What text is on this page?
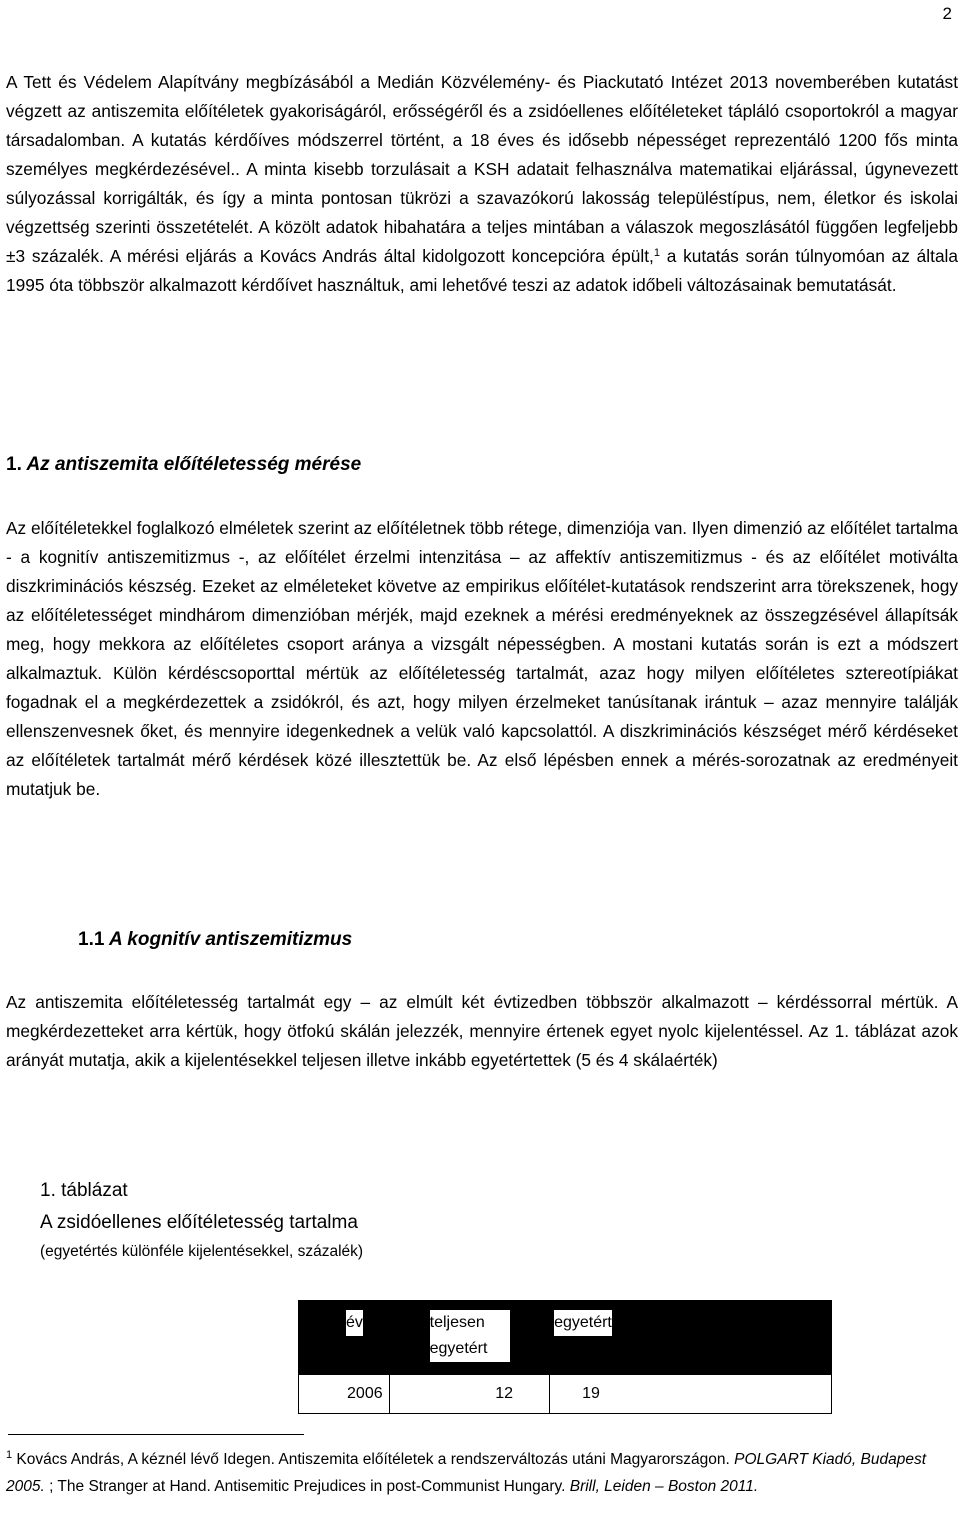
2

A Tett és Védelem Alapítvány megbízásából a Medián Közvélemény- és Piackutató Intézet 2013 novemberében kutatást végzett az antiszemita előítéletek gyakoriságáról, erősségéről és a zsidóellenes előítéleteket tápláló csoportokról a magyar társadalomban. A kutatás kérdőíves módszerrel történt, a 18 éves és idősebb népességet reprezentáló 1200 fős minta személyes megkérdezésével.. A minta kisebb torzulásait a KSH adatait felhasználva matematikai eljárással, úgynevezett súlyozással korrigálták, és így a minta pontosan tükrözi a szavazókorú lakosság településtípus, nem, életkor és iskolai végzettség szerinti összetételét. A közölt adatok hibahatára a teljes mintában a válaszok megoszlásától függően legfeljebb ±3 százalék. A mérési eljárás a Kovács András által kidolgozott koncepcióra épült,$^1$ a kutatás során túlnyomóan az általa 1995 óta többször alkalmazott kérdőívet használtuk, ami lehetővé teszi az adatok időbeli változásainak bemutatását.

1. Az antiszemita előítéletesség mérése

Az előítéletekkel foglalkozó elméletek szerint az előítéletnek több rétege, dimenziója van. Ilyen dimenzió az előítélet tartalma - a kognitív antiszemitizmus -, az előítélet érzelmi intenzitása – az affektív antiszemitizmus - és az előítélet motiválta diszkriminációs készség. Ezeket az elméleteket követve az empirikus előítélet-kutatások rendszerint arra törekszenek, hogy az előítéletességet mindhárom dimenzióban mérjék, majd ezeknek a mérési eredményeknek az összegzésével állapítsák meg, hogy mekkora az előítéletes csoport aránya a vizsgált népességben. A mostani kutatás során is ezt a módszert alkalmaztuk. Külön kérdéscsoporttal mértük az előítéletesség tartalmát, azaz hogy milyen előítéletes sztereotípiákat fogadnak el a megkérdezettek a zsidókról, és azt, hogy milyen érzelmeket tanúsítanak irántuk – azaz mennyire találják ellenszenvesnek őket, és mennyire idegenkednek a velük való kapcsolattól. A diszkriminációs készséget mérő kérdéseket az előítéletek tartalmát mérő kérdések közé illesztettük be. Az első lépésben ennek a mérés-sorozatnak az eredményeit mutatjuk be.

1.1 A kognitív antiszemitizmus

Az antiszemita előítéletesség tartalmát egy – az elmúlt két évtizedben többször alkalmazott – kérdéssorral mértük. A megkérdezetteket arra kértük, hogy ötfokú skálán jelezzék, mennyire értenek egyet nyolc kijelentéssel. Az 1. táblázat azok arányát mutatja, akik a kijelentésekkel teljesen illetve inkább egyetértettek (5 és 4 skálaérték)

1. táblázat
A zsidóellenes előítéletesség tartalma
(egyetértés különféle kijelentésekkel, százalék)
év	teljesen egyetért	egyetért
2006	12	19

$^1$ Kovács András, A kéznél lévő Idegen. Antiszemita előítéletek a rendszerváltozás utáni Magyarországon. POLGART Kiadó, Budapest 2005. ; The Stranger at Hand. Antisemitic Prejudices in post-Communist Hungary. Brill, Leiden – Boston 2011.
